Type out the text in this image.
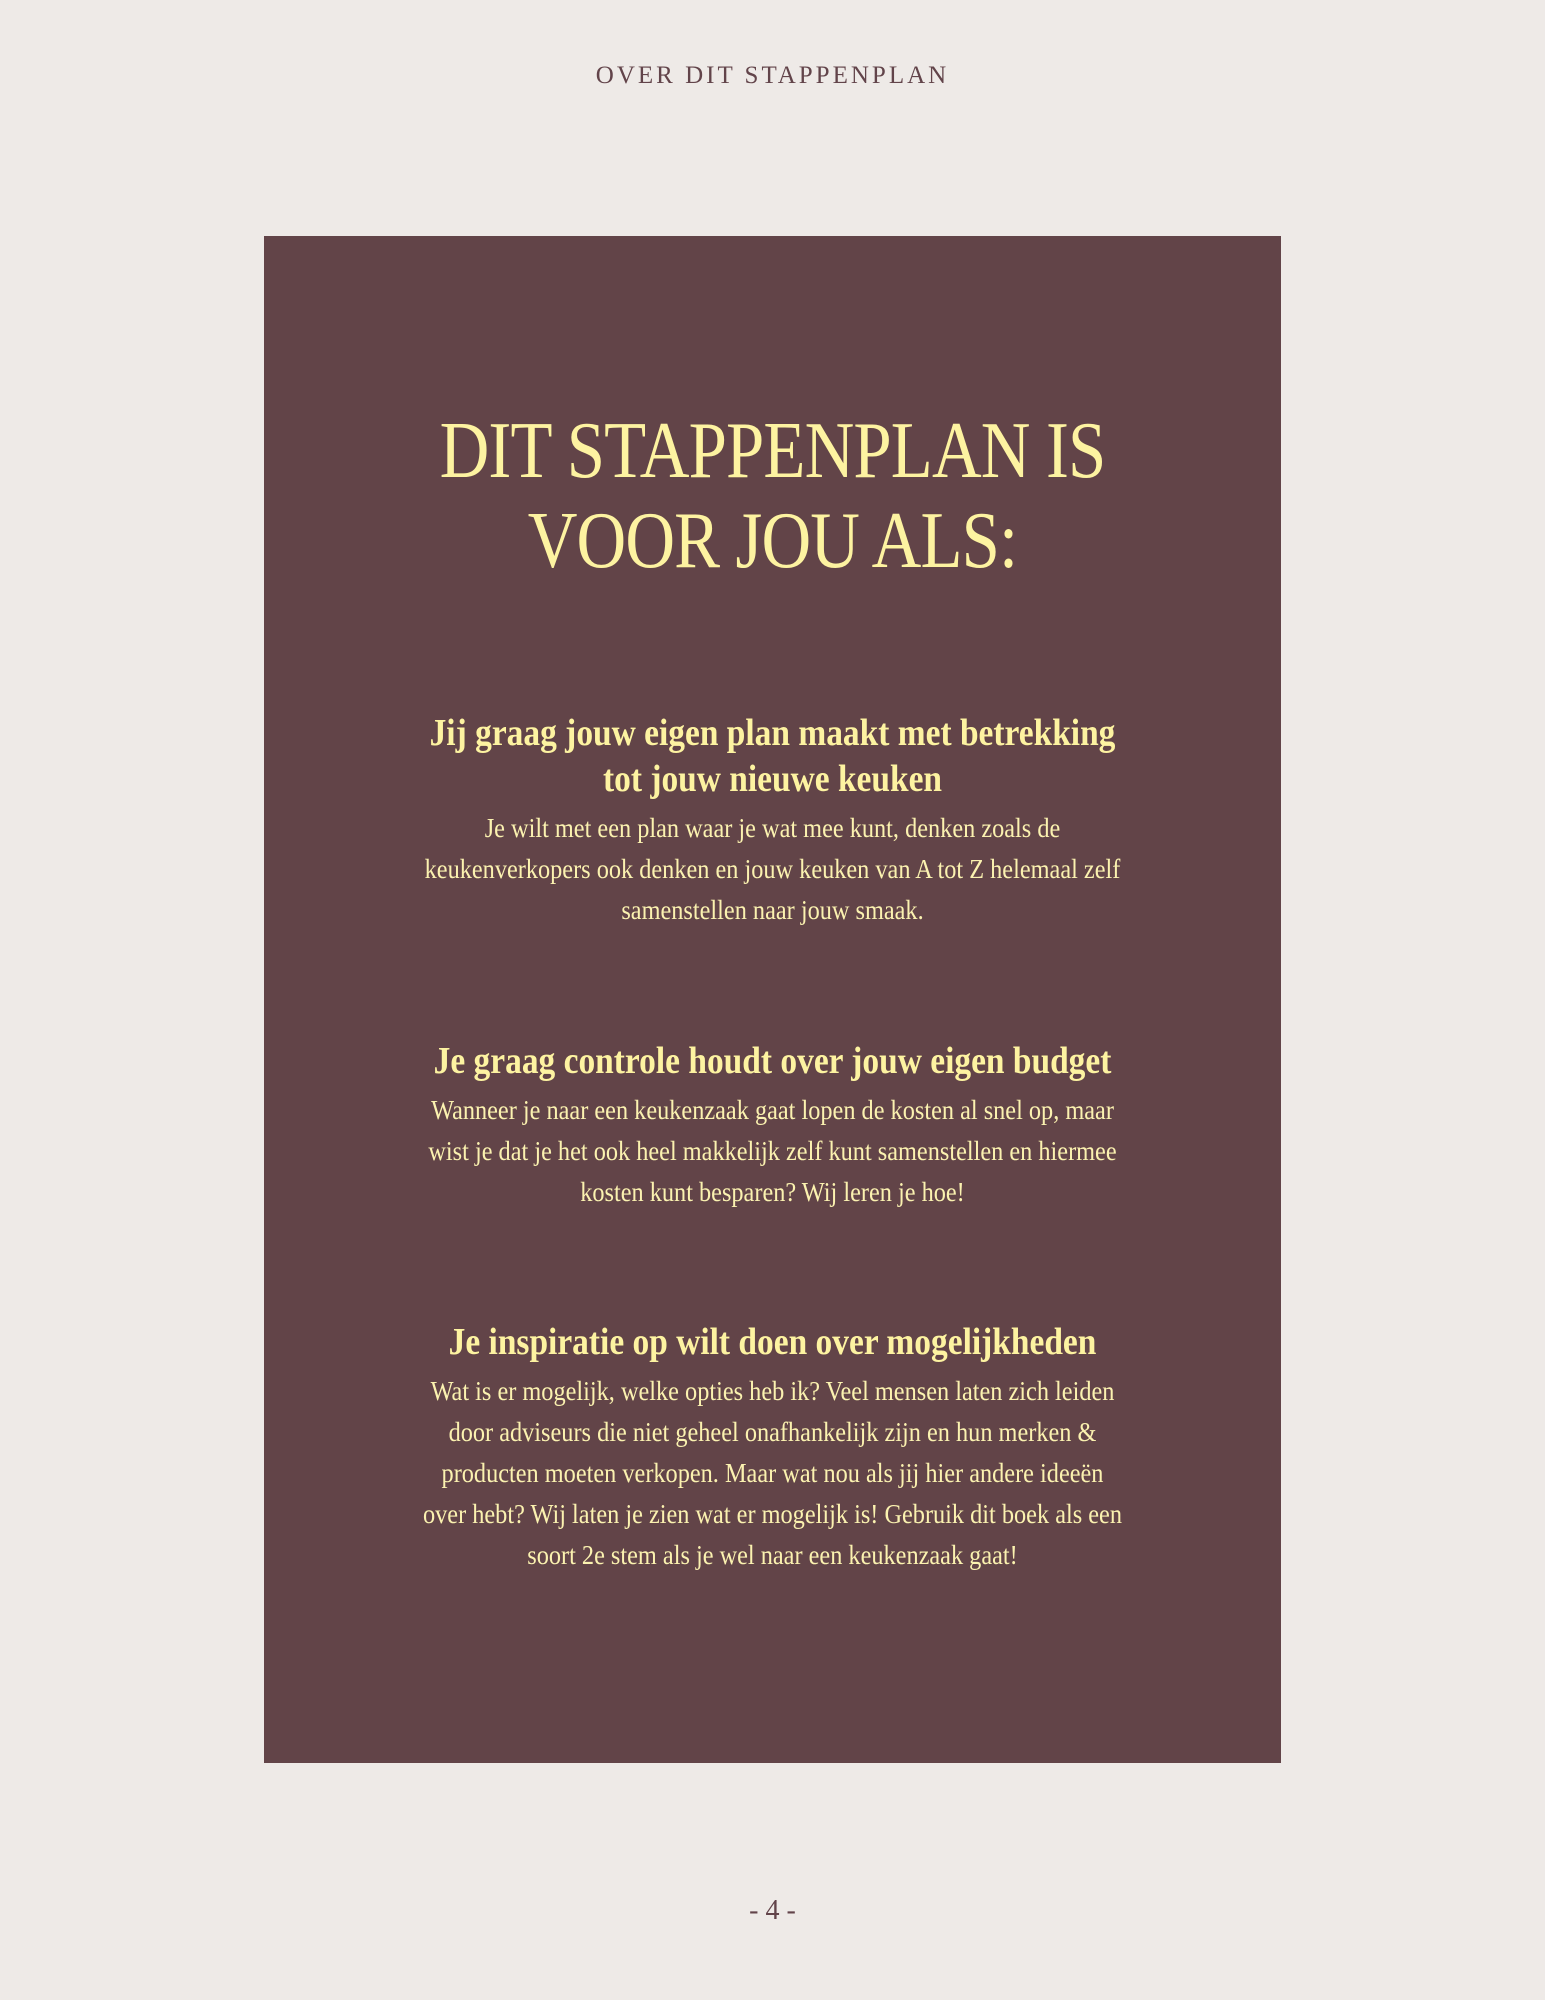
OVER DIT STAPPENPLAN
DIT STAPPENPLAN IS
VOOR JOU ALS:
Jij graag jouw eigen plan maakt met betrekking
tot jouw nieuwe keuken

Je wilt met een plan waar je wat mee kunt, denken zoals de
keukenverkopers ook denken en jouw keuken van A tot Z helemaal zelf
samenstellen naar jouw smaak.

Je graag controle houdt over jouw eigen budget

Wanneer je naar een keukenzaak gaat lopen de kosten al snel op, maar
wist je dat je het ook heel makkelijk zelf kunt samenstellen en hiermee
kosten kunt besparen? Wij leren je hoe!

Je inspiratie op wilt doen over mogelijkheden

Wat is er mogelijk, welke opties heb ik? Veel mensen laten zich leiden
door adviseurs die niet geheel onafhankelijk zijn en hun merken &
producten moeten verkopen. Maar wat nou als jij hier andere ideeën
over hebt? Wij laten je zien wat er mogelijk is! Gebruik dit boek als een
soort 2e stem als je wel naar een keukenzaak gaat!

- 4 -
